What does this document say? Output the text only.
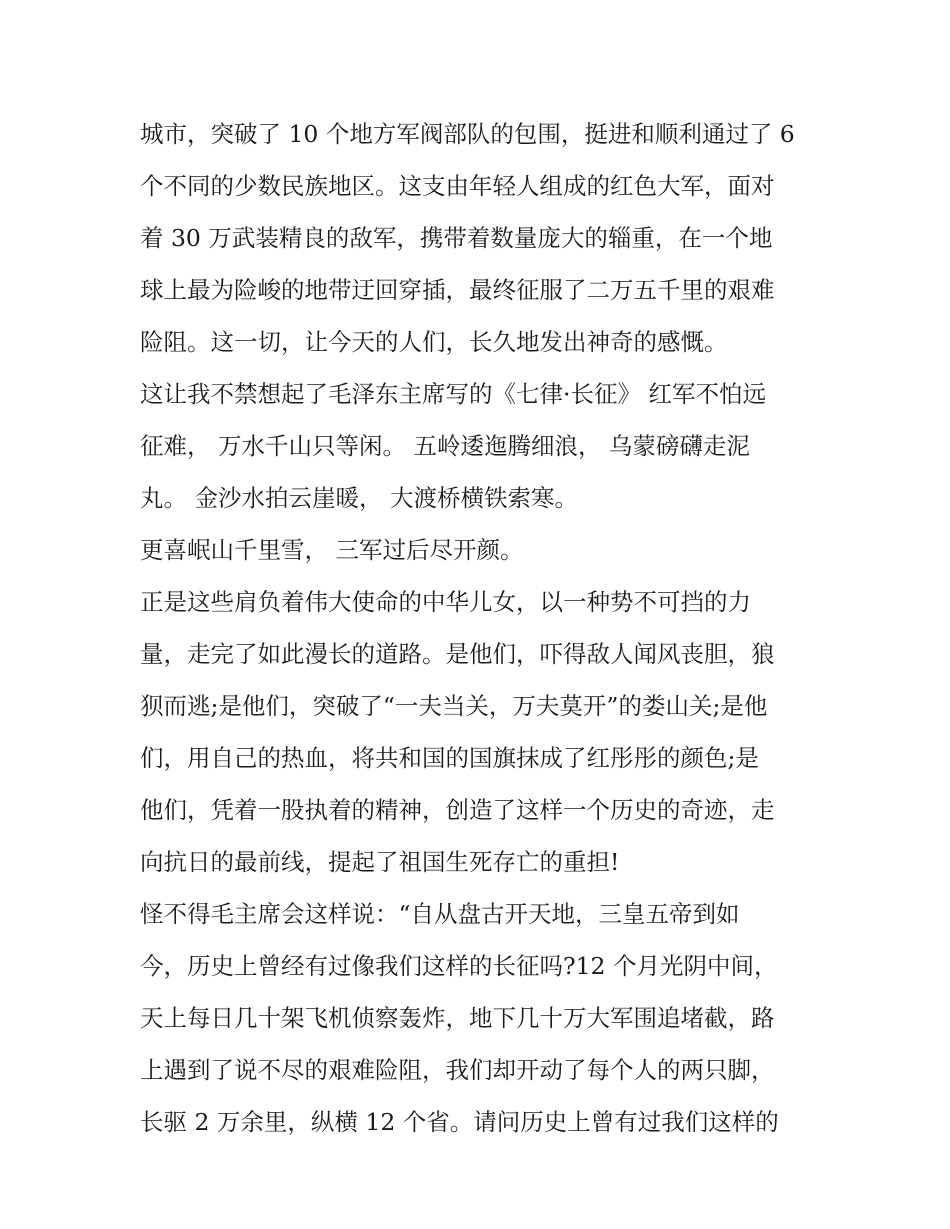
城市，突破了 10 个地方军阀部队的包围，挺进和顺利通过了 6
个不同的少数民族地区。这支由年轻人组成的红色大军，面对
着 30 万武装精良的敌军，携带着数量庞大的辎重，在一个地
球上最为险峻的地带迂回穿插，最终征服了二万五千里的艰难
险阻。这一切，让今天的人们，长久地发出神奇的感慨。
这让我不禁想起了毛泽东主席写的《七律·长征》 红军不怕远
征难， 万水千山只等闲。 五岭逶迤腾细浪， 乌蒙磅礴走泥
丸。 金沙水拍云崖暖， 大渡桥横铁索寒。
更喜岷山千里雪， 三军过后尽开颜。
正是这些肩负着伟大使命的中华儿女，以一种势不可挡的力
量，走完了如此漫长的道路。是他们，吓得敌人闻风丧胆，狼
狈而逃;是他们，突破了“一夫当关，万夫莫开”的娄山关;是他
们，用自己的热血，将共和国的国旗抹成了红彤彤的颜色;是
他们，凭着一股执着的精神，创造了这样一个历史的奇迹，走
向抗日的最前线，提起了祖国生死存亡的重担!
怪不得毛主席会这样说：“自从盘古开天地，三皇五帝到如
今，历史上曾经有过像我们这样的长征吗?12 个月光阴中间，
天上每日几十架飞机侦察轰炸，地下几十万大军围追堵截，路
上遇到了说不尽的艰难险阻，我们却开动了每个人的两只脚，
长驱 2 万余里，纵横 12 个省。请问历史上曾有过我们这样的
